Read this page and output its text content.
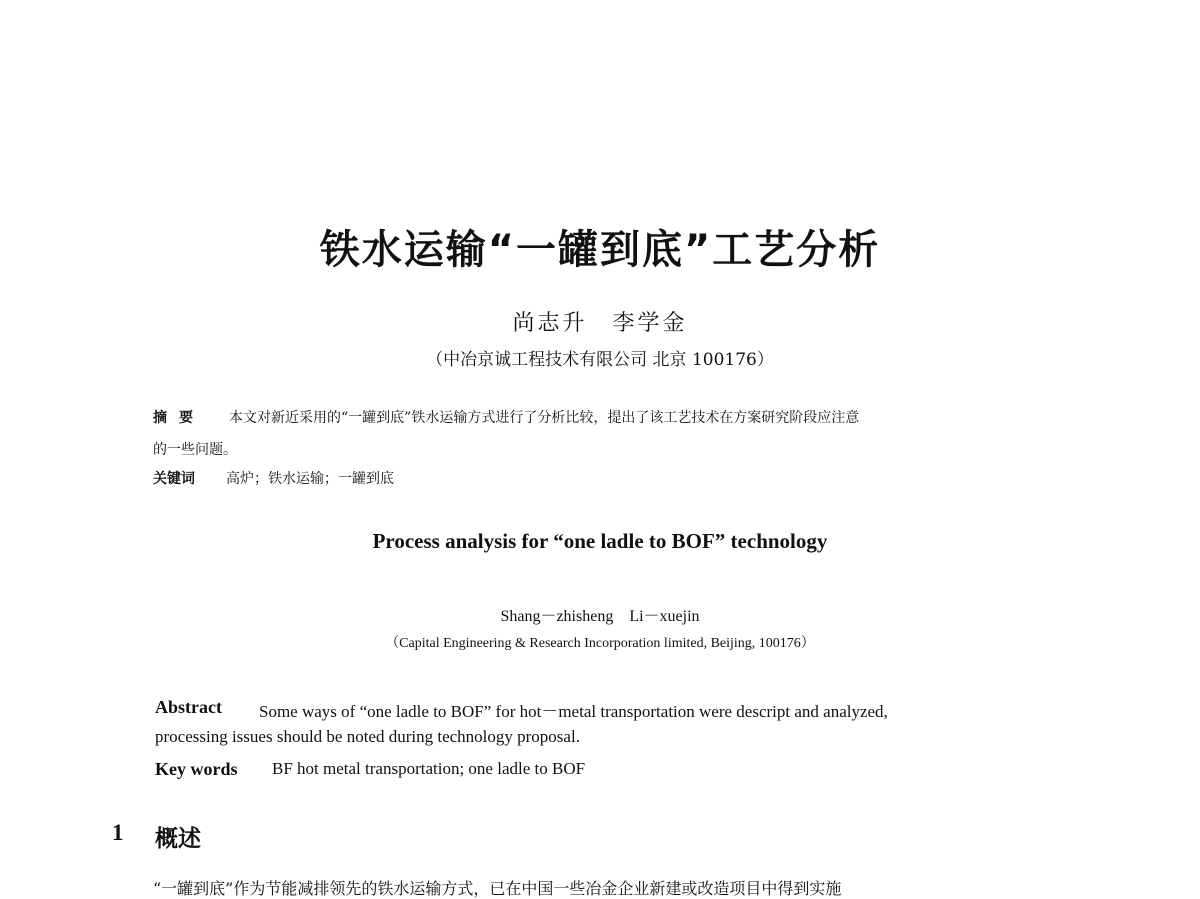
铁水运输“一罐到底”工艺分析
尚志升　李学金
（中冶京诚工程技术有限公司 北京 100176）
摘要 本文对新近采用的“一罐到底”铁水运输方式进行了分析比较，提出了该工艺技术在方案研究阶段应注意
的一些问题。
关键词 高炉；铁水运输；一罐到底
Process analysis for “one ladle to BOF” technology
Shang－zhisheng　Li－xuejin
（Capital Engineering & Research Incorporation limited, Beijing, 100176）
Abstract Some ways of “one ladle to BOF” for hot－metal transportation were descript and analyzed,
processing issues should be noted during technology proposal.
Key words BF hot metal transportation; one ladle to BOF
1 概述
“一罐到底”作为节能减排领先的铁水运输方式，已在中国一些冶金企业新建或改造项目中得到实施
